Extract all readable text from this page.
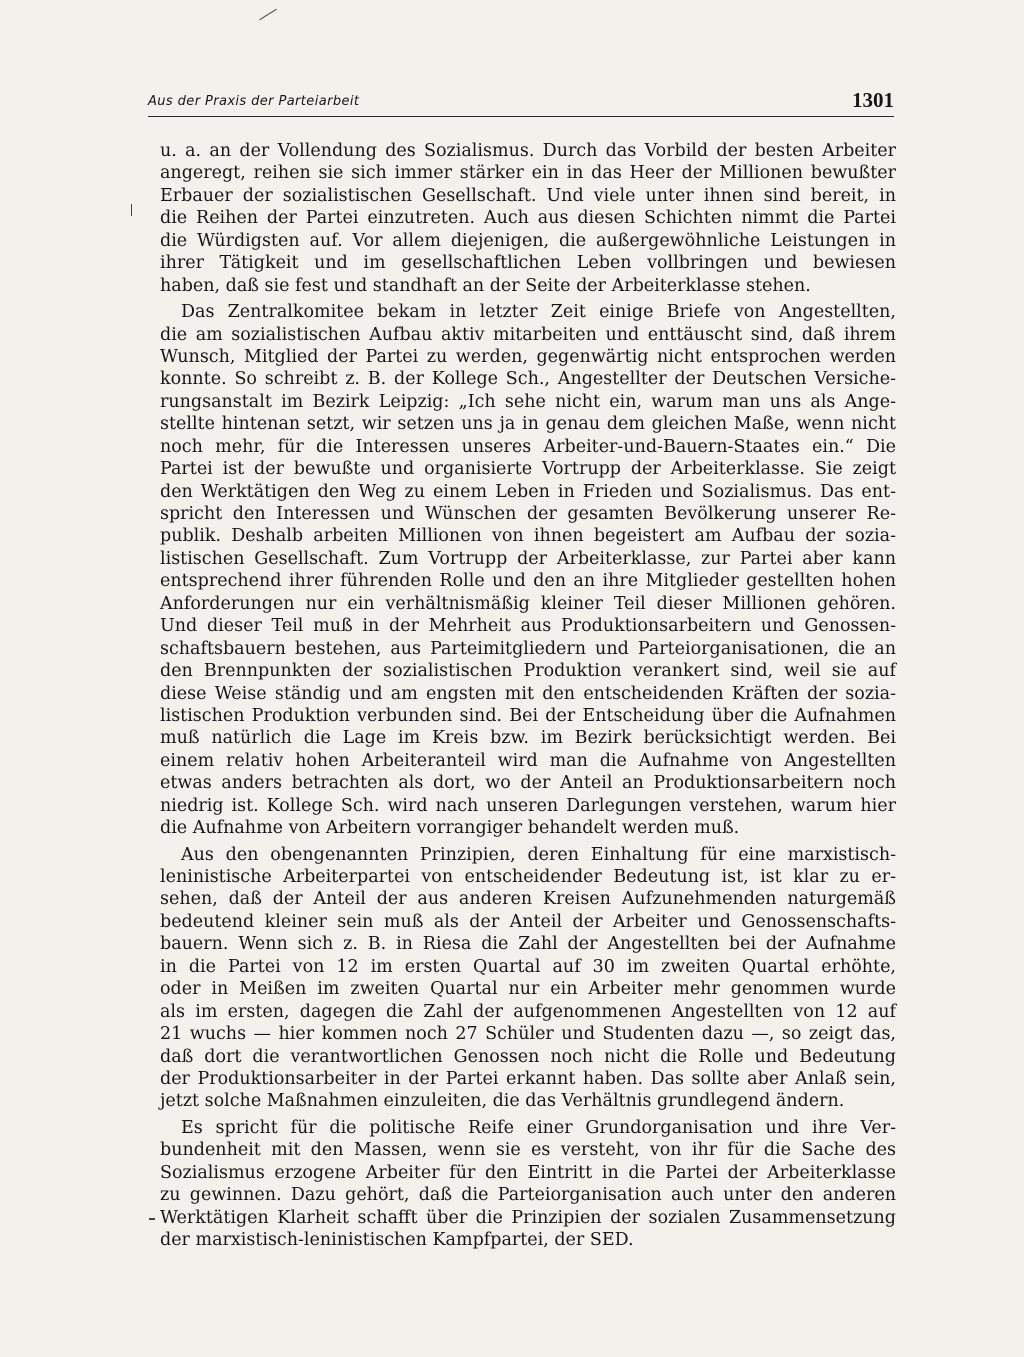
Aus der Praxis der Parteiarbeit	1301
u. a. an der Vollendung des Sozialismus. Durch das Vorbild der besten Arbeiter
angeregt, reihen sie sich immer stärker ein in das Heer der Millionen bewußter
Erbauer der sozialistischen Gesellschaft. Und viele unter ihnen sind bereit, in
die Reihen der Partei einzutreten. Auch aus diesen Schichten nimmt die Partei
die Würdigsten auf. Vor allem diejenigen, die außergewöhnliche Leistungen in
ihrer Tätigkeit und im gesellschaftlichen Leben vollbringen und bewiesen
haben, daß sie fest und standhaft an der Seite der Arbeiterklasse stehen.
Das Zentralkomitee bekam in letzter Zeit einige Briefe von Angestellten,
die am sozialistischen Aufbau aktiv mitarbeiten und enttäuscht sind, daß ihrem
Wunsch, Mitglied der Partei zu werden, gegenwärtig nicht entsprochen werden
konnte. So schreibt z. B. der Kollege Sch., Angestellter der Deutschen Versiche-
rungsanstalt im Bezirk Leipzig: „Ich sehe nicht ein, warum man uns als Ange-
stellte hintenan setzt, wir setzen uns ja in genau dem gleichen Maße, wenn nicht
noch mehr, für die Interessen unseres Arbeiter-und-Bauern-Staates ein.“ Die
Partei ist der bewußte und organisierte Vortrupp der Arbeiterklasse. Sie zeigt
den Werktätigen den Weg zu einem Leben in Frieden und Sozialismus. Das ent-
spricht den Interessen und Wünschen der gesamten Bevölkerung unserer Re-
publik. Deshalb arbeiten Millionen von ihnen begeistert am Aufbau der sozia-
listischen Gesellschaft. Zum Vortrupp der Arbeiterklasse, zur Partei aber kann
entsprechend ihrer führenden Rolle und den an ihre Mitglieder gestellten hohen
Anforderungen nur ein verhältnismäßig kleiner Teil dieser Millionen gehören.
Und dieser Teil muß in der Mehrheit aus Produktionsarbeitern und Genossen-
schaftsbauern bestehen, aus Parteimitgliedern und Parteiorganisationen, die an
den Brennpunkten der sozialistischen Produktion verankert sind, weil sie auf
diese Weise ständig und am engsten mit den entscheidenden Kräften der sozia-
listischen Produktion verbunden sind. Bei der Entscheidung über die Aufnahmen
muß natürlich die Lage im Kreis bzw. im Bezirk berücksichtigt werden. Bei
einem relativ hohen Arbeiteranteil wird man die Aufnahme von Angestellten
etwas anders betrachten als dort, wo der Anteil an Produktionsarbeitern noch
niedrig ist. Kollege Sch. wird nach unseren Darlegungen verstehen, warum hier
die Aufnahme von Arbeitern vorrangiger behandelt werden muß.
Aus den obengenannten Prinzipien, deren Einhaltung für eine marxistisch-
leninistische Arbeiterpartei von entscheidender Bedeutung ist, ist klar zu er-
sehen, daß der Anteil der aus anderen Kreisen Aufzunehmenden naturgemäß
bedeutend kleiner sein muß als der Anteil der Arbeiter und Genossenschafts-
bauern. Wenn sich z. B. in Riesa die Zahl der Angestellten bei der Aufnahme
in die Partei von 12 im ersten Quartal auf 30 im zweiten Quartal erhöhte,
oder in Meißen im zweiten Quartal nur ein Arbeiter mehr genommen wurde
als im ersten, dagegen die Zahl der aufgenommenen Angestellten von 12 auf
21 wuchs — hier kommen noch 27 Schüler und Studenten dazu —, so zeigt das,
daß dort die verantwortlichen Genossen noch nicht die Rolle und Bedeutung
der Produktionsarbeiter in der Partei erkannt haben. Das sollte aber Anlaß sein,
jetzt solche Maßnahmen einzuleiten, die das Verhältnis grundlegend ändern.
Es spricht für die politische Reife einer Grundorganisation und ihre Ver-
bundenheit mit den Massen, wenn sie es versteht, von ihr für die Sache des
Sozialismus erzogene Arbeiter für den Eintritt in die Partei der Arbeiterklasse
zu gewinnen. Dazu gehört, daß die Parteiorganisation auch unter den anderen
Werktätigen Klarheit schafft über die Prinzipien der sozialen Zusammensetzung
der marxistisch-leninistischen Kampfpartei, der SED.
